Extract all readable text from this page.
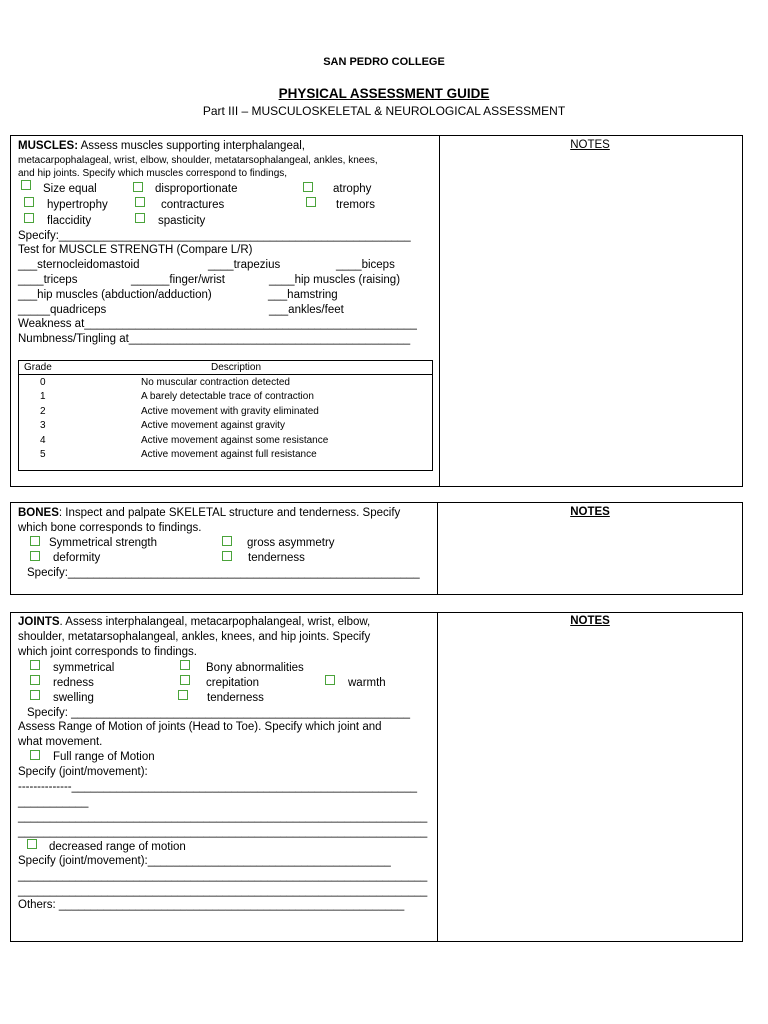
SAN PEDRO COLLEGE
PHYSICAL ASSESSMENT GUIDE
Part III – MUSCULOSKELETAL & NEUROLOGICAL ASSESSMENT
NOTES
MUSCLES: Assess muscles supporting interphalangeal,
metacarpophalageal, wrist, elbow, shoulder, metatarsophalangeal, ankles, knees,
and hip joints. Specify which muscles correspond to findings,
Size equal	disproportionate	atrophy
hypertrophy	contractures	tremors
flaccidity	spasticity
Specify:_______________________________________________________
Test for MUSCLE STRENGTH (Compare L/R)
___sternocleidomastoid	____trapezius	____biceps
____triceps	______finger/wrist	____hip muscles (raising)
___hip muscles (abduction/adduction)	___hamstring
_____quadriceps	___ankles/feet
Weakness at____________________________________________________
Numbness/Tingling at____________________________________________
Grade	Description
0	No muscular contraction detected
1	A barely detectable trace of contraction
2	Active movement with gravity eliminated
3	Active movement against gravity
4	Active movement against some resistance
5	Active movement against full resistance
NOTES
BONES: Inspect and palpate SKELETAL structure and tenderness. Specify
which bone corresponds to findings.
Symmetrical strength	gross asymmetry
deformity	tenderness
Specify:_______________________________________________________
NOTES
JOINTS. Assess interphalangeal, metacarpophalangeal, wrist, elbow,
shoulder, metatarsophalangeal, ankles, knees, and hip joints. Specify
which joint corresponds to findings.
symmetrical	Bony abnormalities
redness	crepitation	warmth
swelling	tenderness
Specify: _____________________________________________________
Assess Range of Motion of joints (Head to Toe). Specify which joint and
what movement.
Full range of Motion
Specify (joint/movement):
--------------______________________________________________________
___________
________________________________________________________________
________________________________________________________________
decreased range of motion
Specify (joint/movement):______________________________________
________________________________________________________________
________________________________________________________________
Others: ______________________________________________________
